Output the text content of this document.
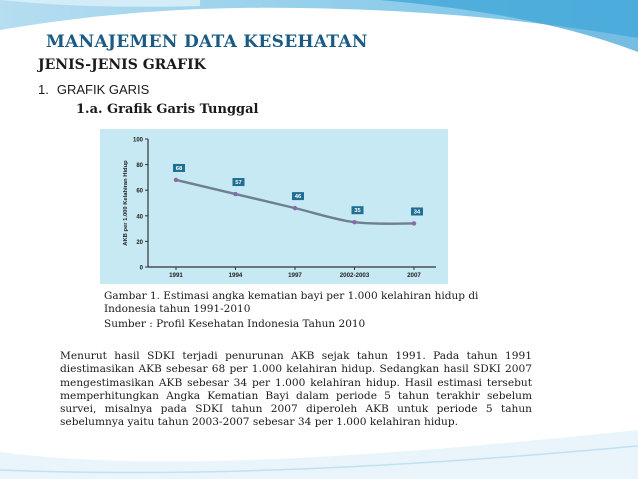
MANAJEMEN DATA KESEHATAN
JENIS-JENIS GRAFIK
1. GRAFIK GARIS
1.a. Grafik Garis Tunggal
0
20
40
60
80
100
AKB per 1.000 Kelahiran Hidup
1991	1994	1997	2002-2003	2007
68
57
46
35	34
Gambar 1. Estimasi angka kematian bayi per 1.000 kelahiran hidup di Indonesia tahun 1991-2010
Sumber : Profil Kesehatan Indonesia Tahun 2010
Menurut hasil SDKI terjadi penurunan AKB sejak tahun 1991. Pada tahun 1991 diestimasikan AKB sebesar 68 per 1.000 kelahiran hidup. Sedangkan hasil SDKI 2007 mengestimasikan AKB sebesar 34 per 1.000 kelahiran hidup. Hasil estimasi tersebut memperhitungkan Angka Kematian Bayi dalam periode 5 tahun terakhir sebelum survei, misalnya pada SDKI tahun 2007 diperoleh AKB untuk periode 5 tahun sebelumnya yaitu tahun 2003-2007 sebesar 34 per 1.000 kelahiran hidup.
